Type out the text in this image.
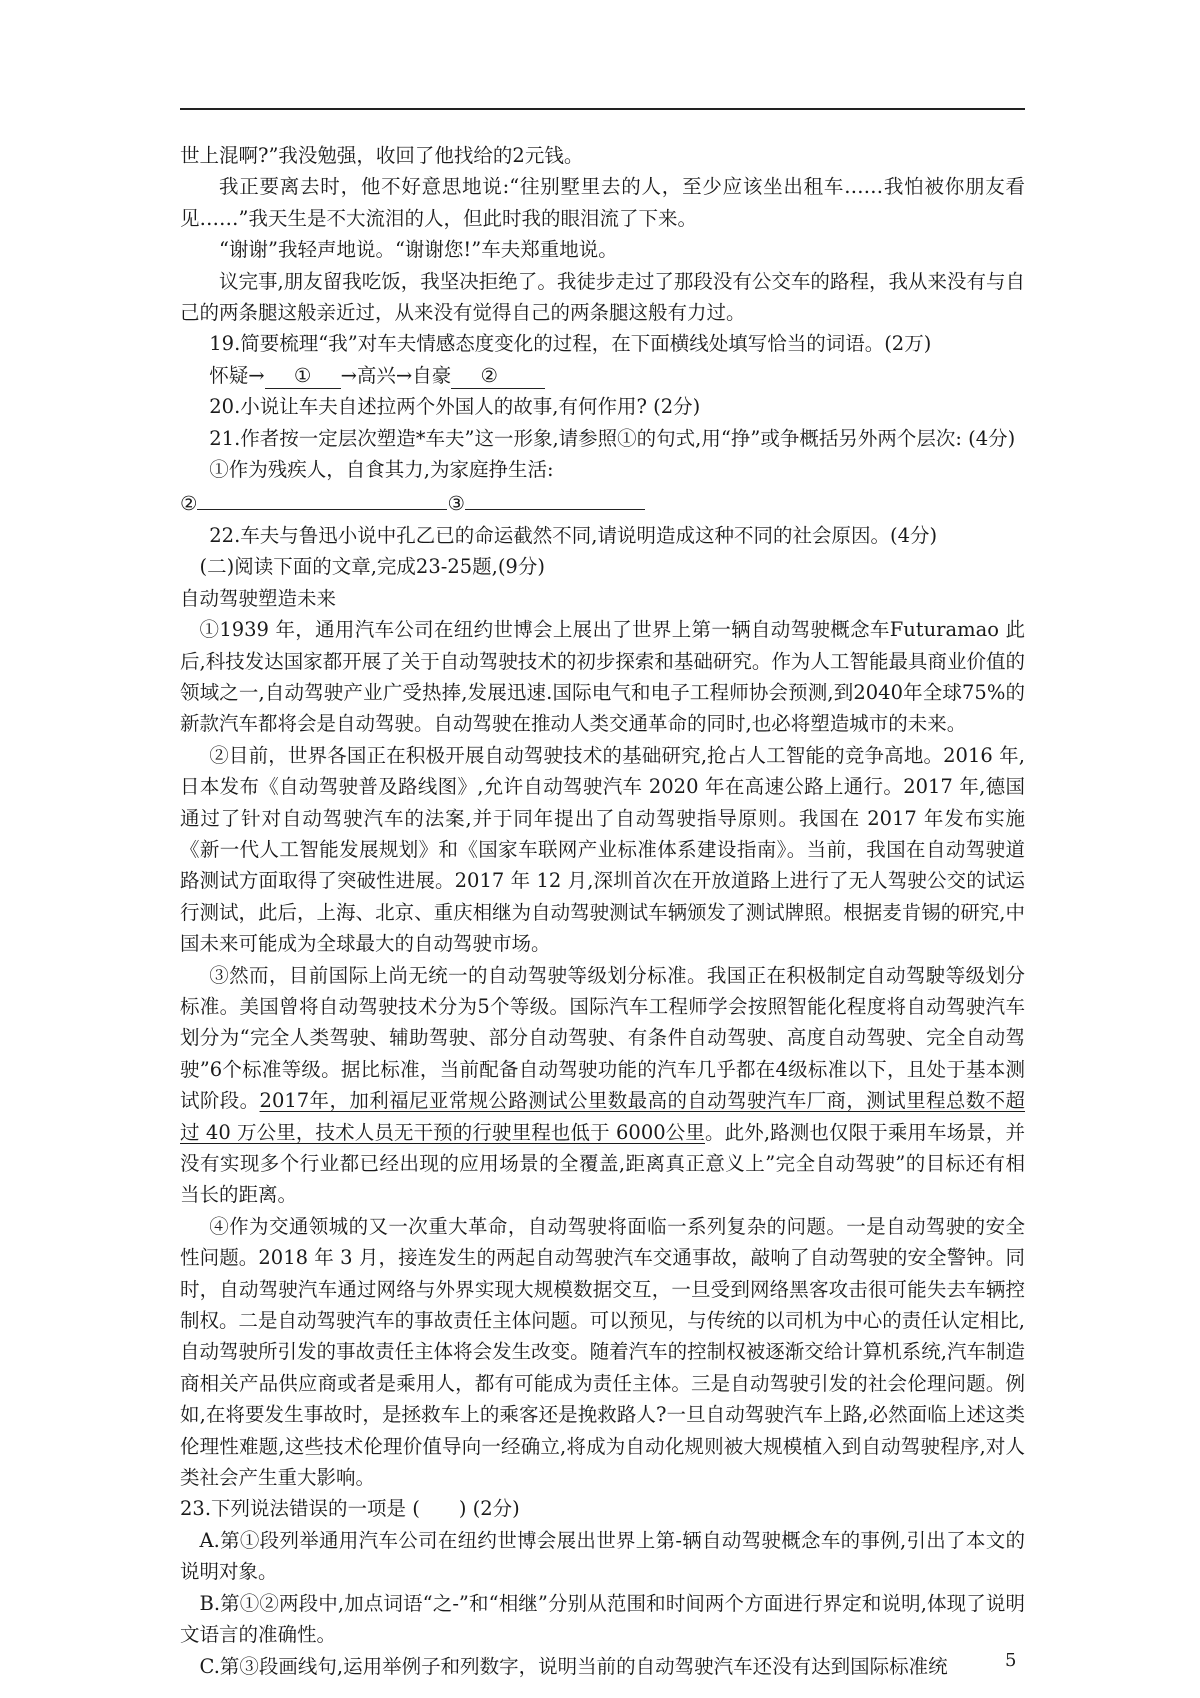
世上混啊?”我没勉强，收回了他找给的2元钱。

我正要离去时，他不好意思地说:“往别墅里去的人，至少应该坐出租车……我怕被你朋友看见……”我天生是不大流泪的人，但此时我的眼泪流了下来。

“谢谢”我轻声地说。“谢谢您!”车夫郑重地说。

议完事,朋友留我吃饭，我坚决拒绝了。我徒步走过了那段没有公交车的路程，我从来没有与自己的两条腿这般亲近过，从来没有觉得自己的两条腿这般有力过。

19.简要梳理“我”对车夫情感态度变化的过程，在下面横线处填写恰当的词语。(2万)

怀疑→ ① →高兴→自豪 ②

20.小说让车夫自述拉两个外国人的故事,有何作用? (2分)

21.作者按一定层次塑造*车夫”这一形象,请参照①的句式,用“挣”或争概括另外两个层次: (4分)

①作为残疾人，自食其力,为家庭挣生活:

②	③

22.车夫与鲁迅小说中孔乙已的命运截然不同,请说明造成这种不同的社会原因。(4分)

(二)阅读下面的文章,完成23-25题,(9分)

自动驾驶塑造未来

①1939 年，通用汽车公司在纽约世博会上展出了世界上第一辆自动驾驶概念车Futuramao 此后,科技发达国家都开展了关于自动驾驶技术的初步探索和基础研究。作为人工智能最具商业价值的领域之一,自动驾驶产业广受热捧,发展迅速.国际电气和电子工程师协会预测,到2040年全球75%的新款汽车都将会是自动驾驶。自动驾驶在推动人类交通革命的同时,也必将塑造城市的未来。

②目前，世界各国正在积极开展自动驾驶技术的基础研究,抢占人工智能的竞争高地。2016 年,日本发布《自动驾驶普及路线图》,允许自动驾驶汽车 2020 年在高速公路上通行。2017 年,德国通过了针对自动驾驶汽车的法案,并于同年提出了自动驾驶指导原则。我国在 2017 年发布实施《新一代人工智能发展规划》和《国家车联网产业标准体系建设指南》。当前，我国在自动驾驶道路测试方面取得了突破性进展。2017 年 12 月,深圳首次在开放道路上进行了无人驾驶公交的试运行测试，此后，上海、北京、重庆相继为自动驾驶测试车辆颁发了测试牌照。根据麦肯锡的研究,中国未来可能成为全球最大的自动驾驶市场。

③然而，目前国际上尚无统一的自动驾驶等级划分标准。我国正在积极制定自动驾駛等级划分标准。美国曾将自动驾驶技术分为5个等级。国际汽车工程师学会按照智能化程度将自动驾驶汽车划分为“完全人类驾驶、辅助驾驶、部分自动驾驶、有条件自动驾驶、高度自动驾驶、完全自动驾驶”6个标准等级。据比标准，当前配备自动驾驶功能的汽车几乎都在4级标准以下，且处于基本测试阶段。2017年，加利福尼亚常规公路测试公里数最高的自动驾驶汽车厂商，测试里程总数不超过 40 万公里，技术人员无干预的行驶里程也低于 6000公里。此外,路测也仅限于乘用车场景，并没有实现多个行业都已经出现的应用场景的全覆盖,距离真正意义上”完全自动驾驶”的目标还有相当长的距离。

④作为交通领城的又一次重大革命，自动驾驶将面临一系列复杂的问题。一是自动驾驶的安全性问题。2018 年 3 月，接连发生的两起自动驾驶汽车交通事故，敲响了自动驾驶的安全警钟。同时，自动驾驶汽车通过网络与外界实现大规模数据交互，一旦受到网络黑客攻击很可能失去车辆控制权。二是自动驾驶汽车的事故责任主体问题。可以预见，与传统的以司机为中心的责任认定相比,自动驾驶所引发的事故责任主体将会发生改变。随着汽车的控制权被逐渐交给计算机系统,汽车制造商相关产品供应商或者是乘用人，都有可能成为责任主体。三是自动驾驶引发的社会伦理问题。例如,在将要发生事故时，是拯救车上的乘客还是挽救路人?一旦自动驾驶汽车上路,必然面临上述这类伦理性难题,这些技术伦理价值导向一经确立,将成为自动化规则被大规模植入到自动驾驶程序,对人类社会产生重大影响。

23.下列说法错误的一项是 (　　) (2分)

A.第①段列举通用汽车公司在纽约世博会展出世界上第-辆自动驾驶概念车的事例,引出了本文的说明对象。

B.第①②两段中,加点词语“之-”和“相继”分别从范围和时间两个方面进行界定和说明,体现了说明文语言的准确性。

C.第③段画线句,运用举例子和列数字，说明当前的自动驾驶汽车还没有达到国际标准统	5
